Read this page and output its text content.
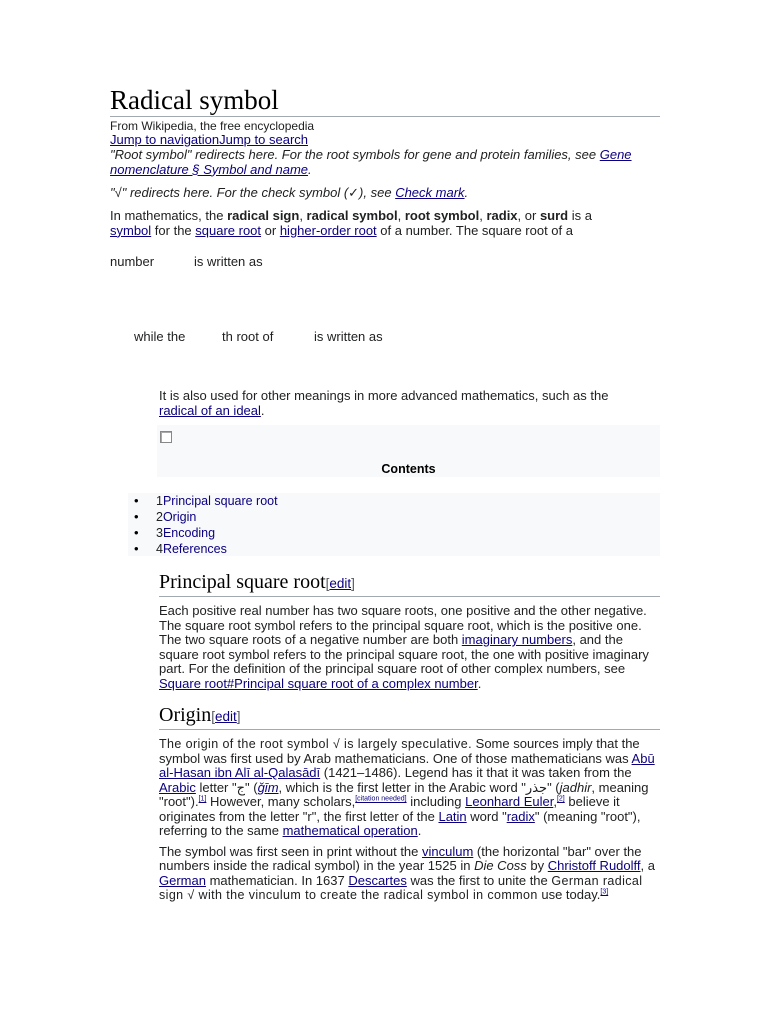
Radical symbol
From Wikipedia, the free encyclopedia
Jump to navigationJump to search
"Root symbol" redirects here. For the root symbols for gene and protein families, see Gene nomenclature § Symbol and name.
"√" redirects here. For the check symbol (✓), see Check mark.
In mathematics, the radical sign, radical symbol, root symbol, radix, or surd is a symbol for the square root or higher-order root of a number. The square root of a
number	is written as
while the	th root of	is written as
It is also used for other meanings in more advanced mathematics, such as the radical of an ideal.
Contents
• 1Principal square root
• 2Origin
• 3Encoding
• 4References
Principal square root[edit]

Each positive real number has two square roots, one positive and the other negative. The square root symbol refers to the principal square root, which is the positive one. The two square roots of a negative number are both imaginary numbers, and the square root symbol refers to the principal square root, the one with positive imaginary part. For the definition of the principal square root of other complex numbers, see Square root#Principal square root of a complex number.

Origin[edit]

The origin of the root symbol √ is largely speculative. Some sources imply that the symbol was first used by Arab mathematicians. One of those mathematicians was Abū al-Hasan ibn Alī al-Qalasādī (1421–1486). Legend has it that it was taken from the Arabic letter "ج" (ǧīm, which is the first letter in the Arabic word "جذر" (jadhir, meaning "root").[1] However, many scholars,[citation needed] including Leonhard Euler,[2] believe it originates from the letter "r", the first letter of the Latin word "radix" (meaning "root"), referring to the same mathematical operation.

The symbol was first seen in print without the vinculum (the horizontal "bar" over the numbers inside the radical symbol) in the year 1525 in Die Coss by Christoff Rudolff, a German mathematician. In 1637 Descartes was the first to unite the German radical sign √ with the vinculum to create the radical symbol in common use today.[3]
